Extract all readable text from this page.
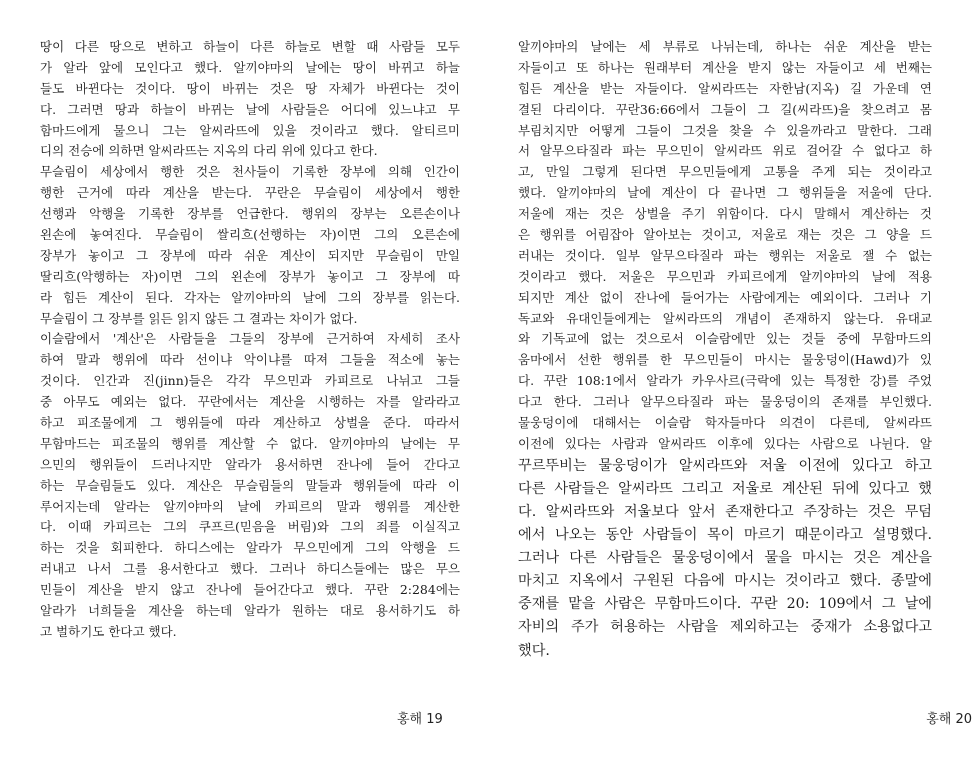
땅이 다른 땅으로 변하고 하늘이 다른 하늘로 변할 때 사람들 모두
가 알라 앞에 모인다고 했다. 알끼야마의 날에는 땅이 바뀌고 하늘
들도 바뀐다는 것이다. 땅이 바뀌는 것은 땅 자체가 바뀐다는 것이
다. 그러면 땅과 하늘이 바뀌는 날에 사람들은 어디에 있느냐고 무
함마드에게 물으니 그는 알씨라뜨에 있을 것이라고 했다. 알티르미
디의 전승에 의하면 알씨라뜨는 지옥의 다리 위에 있다고 한다.
무슬림이 세상에서 행한 것은 천사들이 기록한 장부에 의해 인간이
행한 근거에 따라 계산을 받는다. 꾸란은 무슬림이 세상에서 행한
선행과 악행을 기록한 장부를 언급한다. 행위의 장부는 오른손이나
왼손에 놓여진다. 무슬림이 쌀리흐(선행하는 자)이면 그의 오른손에
장부가 놓이고 그 장부에 따라 쉬운 계산이 되지만 무슬림이 만일
딸리흐(악행하는 자)이면 그의 왼손에 장부가 놓이고 그 장부에 따
라 힘든 계산이 된다. 각자는 알끼야마의 날에 그의 장부를 읽는다.
무슬림이 그 장부를 읽든 읽지 않든 그 결과는 차이가 없다.
이슬람에서 '계산'은 사람들을 그들의 장부에 근거하여 자세히 조사
하여 말과 행위에 따라 선이냐 악이냐를 따져 그들을 적소에 놓는
것이다. 인간과 진(jinn)들은 각각 무으민과 카피르로 나뉘고 그들
중 아무도 예외는 없다. 꾸란에서는 계산을 시행하는 자를 알라라고
하고 피조물에게 그 행위들에 따라 계산하고 상벌을 준다. 따라서
무함마드는 피조물의 행위를 계산할 수 없다. 알끼야마의 날에는 무
으민의 행위들이 드러나지만 알라가 용서하면 잔나에 들어 간다고
하는 무슬림들도 있다. 계산은 무슬림들의 말들과 행위들에 따라 이
루어지는데 알라는 알끼야마의 날에 카피르의 말과 행위를 계산한
다. 이때 카피르는 그의 쿠프르(믿음을 버림)와 그의 죄를 이실직고
하는 것을 회피한다. 하디스에는 알라가 무으민에게 그의 악행을 드
러내고 나서 그를 용서한다고 했다. 그러나 하디스들에는 많은 무으
민들이 계산을 받지 않고 잔나에 들어간다고 했다. 꾸란 2:284에는
알라가 너희들을 계산을 하는데 알라가 원하는 대로 용서하기도 하
고 벌하기도 한다고 했다.
홍해 19
알끼야마의 날에는 세 부류로 나뉘는데, 하나는 쉬운 계산을 받는
자들이고 또 하나는 원래부터 계산을 받지 않는 자들이고 세 번째는
힘든 계산을 받는 자들이다. 알씨라뜨는 자한남(지옥) 길 가운데 연
결된 다리이다. 꾸란36:66에서 그들이 그 길(씨라뜨)을 찾으려고 몸
부림치지만 어떻게 그들이 그것을 찾을 수 있을까라고 말한다. 그래
서 알무으타질라 파는 무으민이 알씨라뜨 위로 걸어갈 수 없다고 하
고, 만일 그렇게 된다면 무으민들에게 고통을 주게 되는 것이라고
했다. 알끼야마의 날에 계산이 다 끝나면 그 행위들을 저울에 단다.
저울에 재는 것은 상벌을 주기 위함이다. 다시 말해서 계산하는 것
은 행위를 어림잡아 알아보는 것이고, 저울로 재는 것은 그 양을 드
러내는 것이다. 일부 알무으타질라 파는 행위는 저울로 잴 수 없는
것이라고 했다. 저울은 무으민과 카피르에게 알끼야마의 날에 적용
되지만 계산 없이 잔나에 들어가는 사람에게는 예외이다. 그러나 기
독교와 유대인들에게는 알씨라뜨의 개념이 존재하지 않는다. 유대교
와 기독교에 없는 것으로서 이슬람에만 있는 것들 중에 무함마드의
움마에서 선한 행위를 한 무으민들이 마시는 물웅덩이(Hawd)가 있
다. 꾸란 108:1에서 알라가 카우사르(극락에 있는 특정한 강)를 주었
다고 한다. 그러나 알무으타질라 파는 물웅덩이의 존재를 부인했다.
물웅덩이에 대해서는 이슬람 학자들마다 의견이 다른데, 알씨라뜨
이전에 있다는 사람과 알씨라뜨 이후에 있다는 사람으로 나뉜다. 알
꾸르뚜비는 물웅덩이가 알씨라뜨와 저울 이전에 있다고 하고
다른 사람들은 알씨라뜨 그리고 저울로 계산된 뒤에 있다고 했
다. 알씨라뜨와 저울보다 앞서 존재한다고 주장하는 것은 무덤
에서 나오는 동안 사람들이 목이 마르기 때문이라고 설명했다.
그러나 다른 사람들은 물웅덩이에서 물을 마시는 것은 계산을
마치고 지옥에서 구원된 다음에 마시는 것이라고 했다. 종말에
중재를 맡을 사람은 무함마드이다. 꾸란 20: 109에서 그 날에
자비의 주가 허용하는 사람을 제외하고는 중재가 소용없다고
했다.
홍해 20
